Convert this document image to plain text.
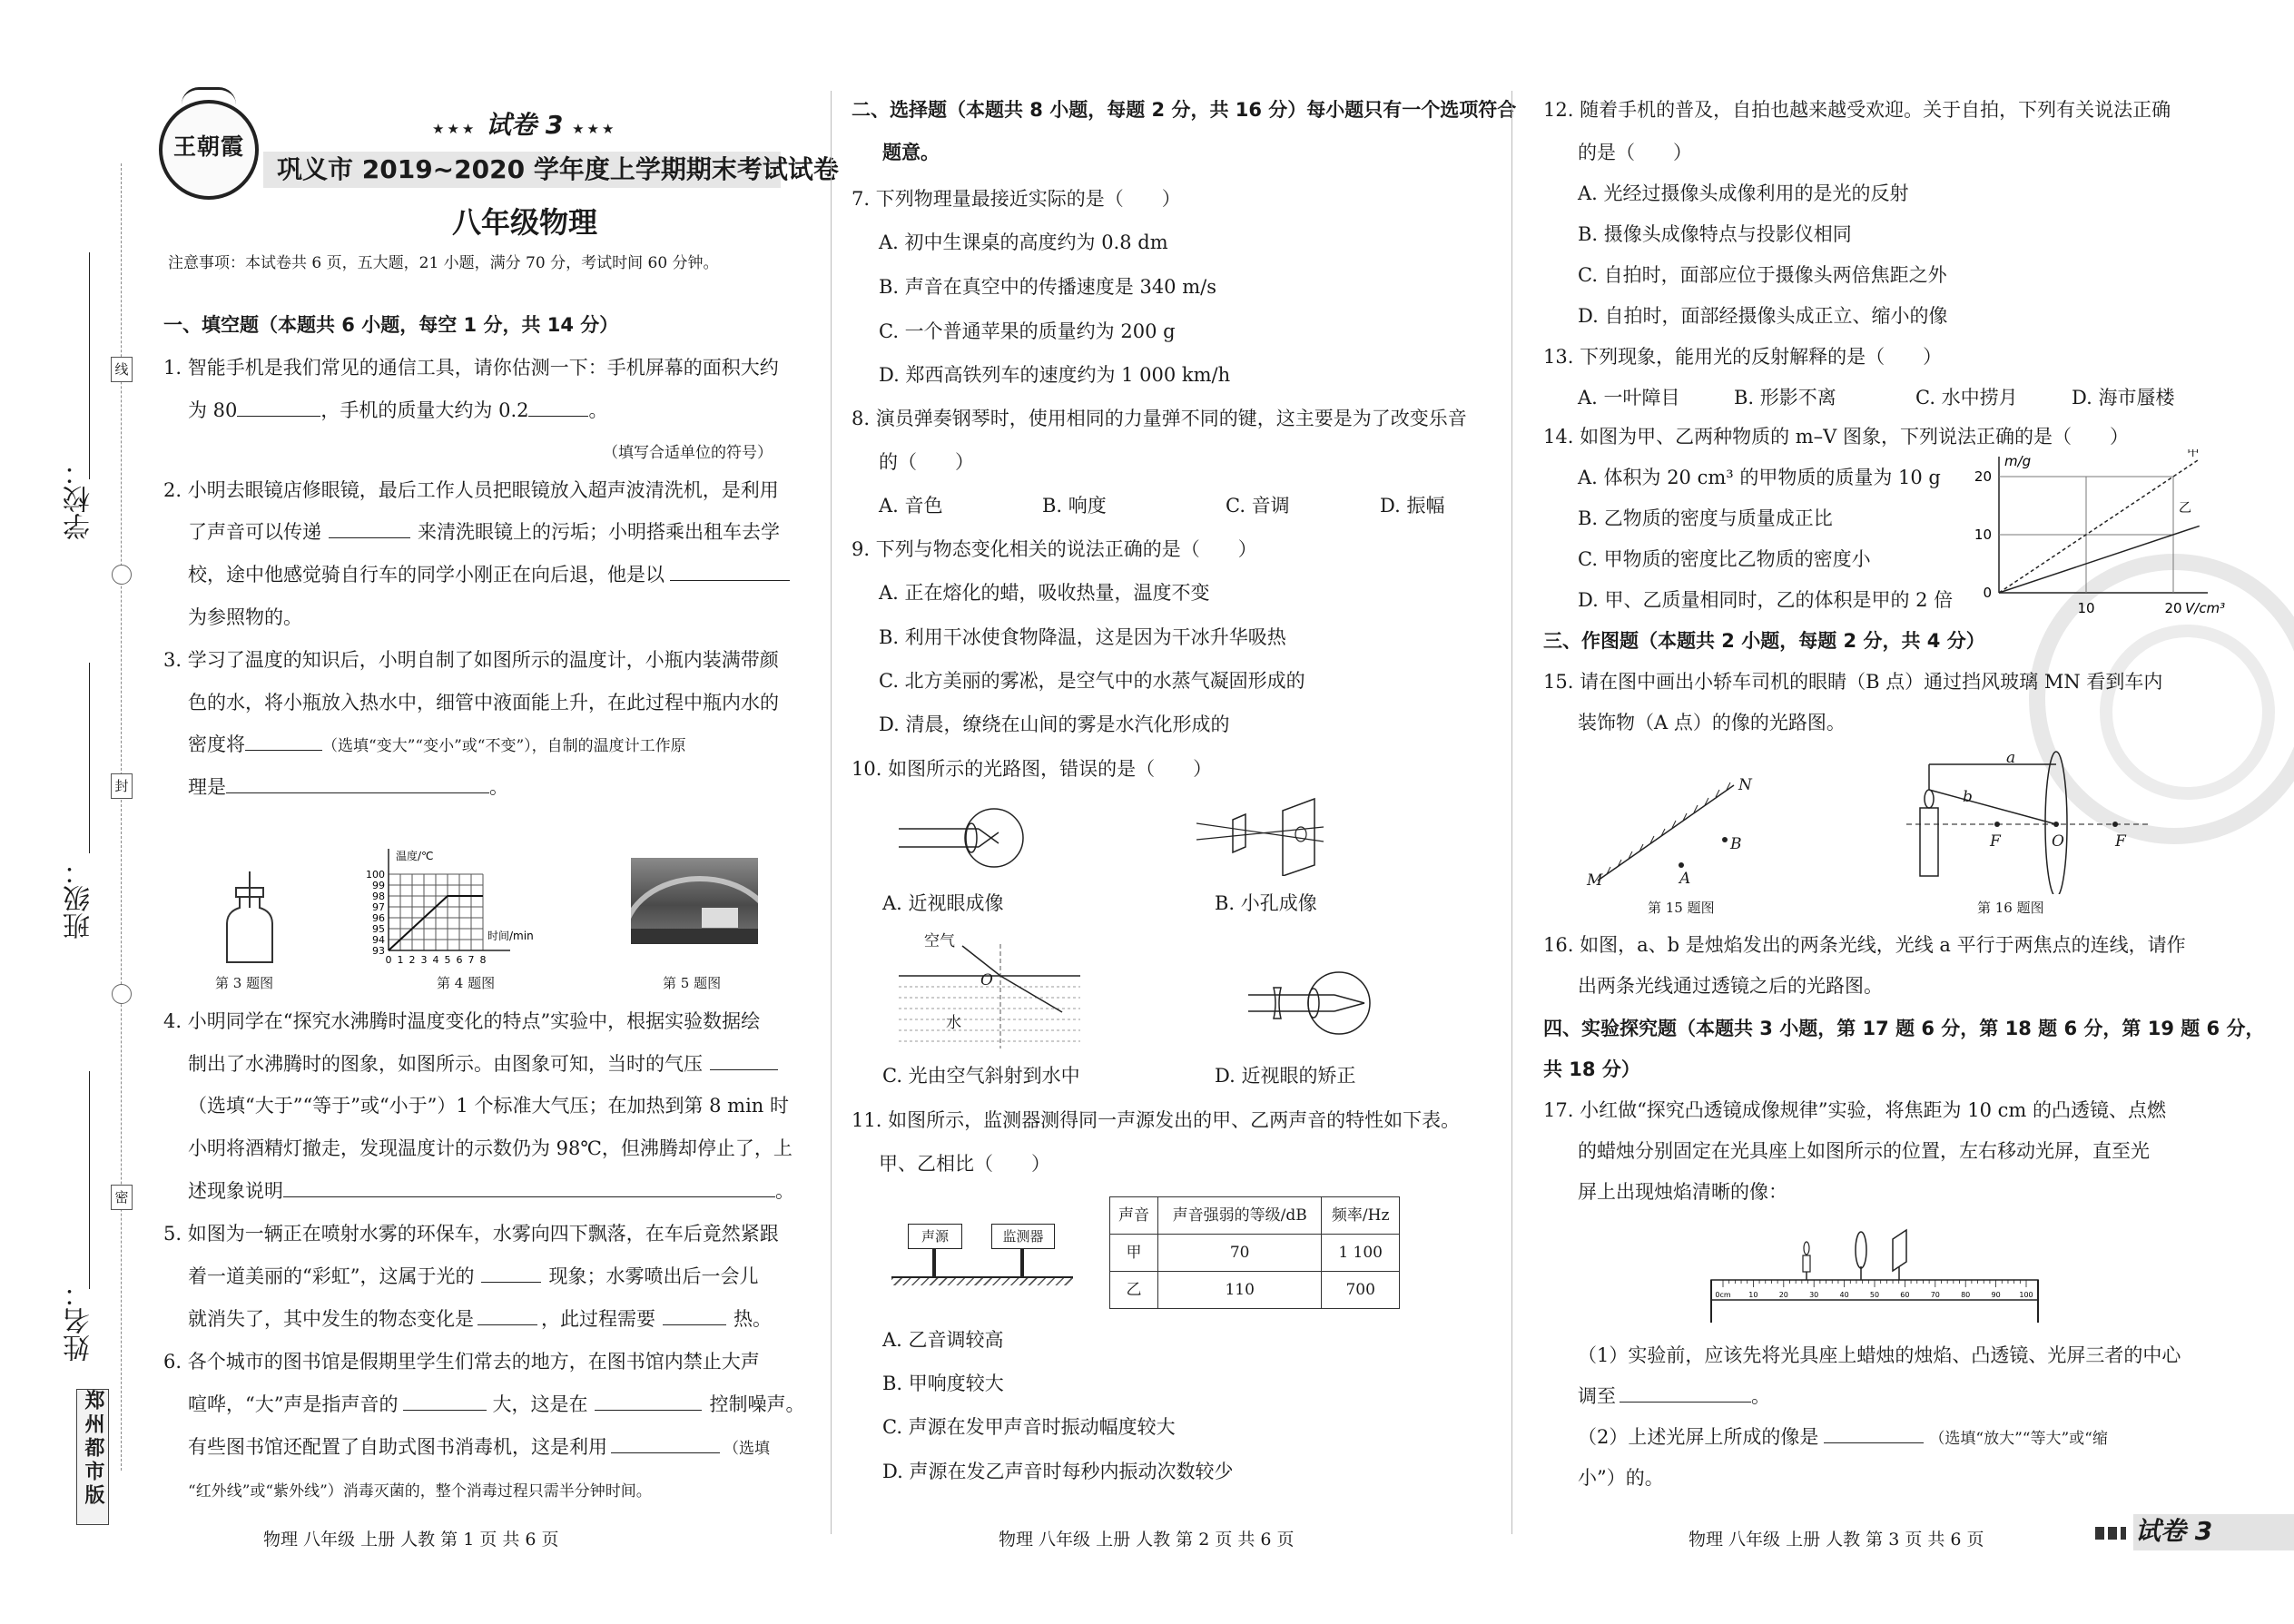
学校：
班级：
姓名：
线
封
密
郑州都市版
王朝霞
★★★ 试卷 3 ★★★
巩义市 2019~2020 学年度上学期期末考试试卷
八年级物理
注意事项：本试卷共 6 页，五大题，21 小题，满分 70 分，考试时间 60 分钟。
一、填空题（本题共 6 小题，每空 1 分，共 14 分）
1. 智能手机是我们常见的通信工具，请你估测一下：手机屏幕的面积大约
为 80	，手机的质量大约为 0.2	。
（填写合适单位的符号）
2. 小明去眼镜店修眼镜，最后工作人员把眼镜放入超声波清洗机，是利用
了声音可以传递	来清洗眼镜上的污垢；小明搭乘出租车去学
校，途中他感觉骑自行车的同学小刚正在向后退，他是以
为参照物的。
3. 学习了温度的知识后，小明自制了如图所示的温度计，小瓶内装满带颜
色的水，将小瓶放入热水中，细管中液面能上升，在此过程中瓶内水的
密度将	（选填“变大”“变小”或“不变”），自制的温度计工作原
理是	。
第 3 题图
100
99
98
97
96
95
94
93
0 1 2 3 4 5 6 7 8
温度/℃
时间/min
第 4 题图	第 5 题图
4. 小明同学在“探究水沸腾时温度变化的特点”实验中，根据实验数据绘
制出了水沸腾时的图象，如图所示。由图象可知，当时的气压
（选填“大于”“等于”或“小于”）1 个标准大气压；在加热到第 8 min 时
小明将酒精灯撤走，发现温度计的示数仍为 98℃，但沸腾却停止了，上
述现象说明	。
5. 如图为一辆正在喷射水雾的环保车，水雾向四下飘落，在车后竟然紧跟
着一道美丽的“彩虹”，这属于光的	现象；水雾喷出后一会儿
就消失了，其中发生的物态变化是	，此过程需要	热。
6. 各个城市的图书馆是假期里学生们常去的地方，在图书馆内禁止大声
喧哗，“大”声是指声音的	大，这是在	控制噪声。
有些图书馆还配置了自助式图书消毒机，这是利用	（选填
“红外线”或“紫外线”）消毒灭菌的，整个消毒过程只需半分钟时间。
物理 八年级 上册 人教 第 1 页 共 6 页
二、选择题（本题共 8 小题，每题 2 分，共 16 分）每小题只有一个选项符合
题意。
7. 下列物理量最接近实际的是（　　）
A. 初中生课桌的高度约为 0.8 dm
B. 声音在真空中的传播速度是 340 m/s
C. 一个普通苹果的质量约为 200 g
D. 郑西高铁列车的速度约为 1 000 km/h
8. 演员弹奏钢琴时，使用相同的力量弹不同的键，这主要是为了改变乐音
的（　　）
A. 音色	B. 响度	C. 音调	D. 振幅
9. 下列与物态变化相关的说法正确的是（　　）
A. 正在熔化的蜡，吸收热量，温度不变
B. 利用干冰使食物降温，这是因为干冰升华吸热
C. 北方美丽的雾凇，是空气中的水蒸气凝固形成的
D. 清晨，缭绕在山间的雾是水汽化形成的
10. 如图所示的光路图，错误的是（　　）
A. 近视眼成像	B. 小孔成像
空气
水
O
C. 光由空气斜射到水中	D. 近视眼的矫正
11. 如图所示，监测器测得同一声源发出的甲、乙两声音的特性如下表。
甲、乙相比（　　）
声源	监测器
声音	声音强弱的等级/dB	频率/Hz
甲	70	1 100
乙	110	700
A. 乙音调较高
B. 甲响度较大
C. 声源在发甲声音时振动幅度较大
D. 声源在发乙声音时每秒内振动次数较少
物理 八年级 上册 人教 第 2 页 共 6 页
12. 随着手机的普及，自拍也越来越受欢迎。关于自拍，下列有关说法正确
的是（　　）
A. 光经过摄像头成像利用的是光的反射
B. 摄像头成像特点与投影仪相同
C. 自拍时，面部应位于摄像头两倍焦距之外
D. 自拍时，面部经摄像头成正立、缩小的像
13. 下列现象，能用光的反射解释的是（　　）
A. 一叶障目	B. 形影不离	C. 水中捞月	D. 海市蜃楼
14. 如图为甲、乙两种物质的 m–V 图象，下列说法正确的是（　　）
A. 体积为 20 cm³ 的甲物质的质量为 10 g
B. 乙物质的密度与质量成正比
C. 甲物质的密度比乙物质的密度小
D. 甲、乙质量相同时，乙的体积是甲的 2 倍
20
10
0
10	20
m/g
V/cm³
甲
乙
三、作图题（本题共 2 小题，每题 2 分，共 4 分）
15. 请在图中画出小轿车司机的眼睛（B 点）通过挡风玻璃 MN 看到车内
装饰物（A 点）的像的光路图。
M
N
A
B
第 15 题图
a
b
F	O	F
第 16 题图
16. 如图，a、b 是烛焰发出的两条光线，光线 a 平行于两焦点的连线，请作
出两条光线通过透镜之后的光路图。
四、实验探究题（本题共 3 小题，第 17 题 6 分，第 18 题 6 分，第 19 题 6 分，
共 18 分）
17. 小红做“探究凸透镜成像规律”实验，将焦距为 10 cm 的凸透镜、点燃
的蜡烛分别固定在光具座上如图所示的位置，左右移动光屏，直至光
屏上出现烛焰清晰的像：
0cm 10	20	30	40	50	60	70	80	90	100
（1）实验前，应该先将光具座上蜡烛的烛焰、凸透镜、光屏三者的中心
调至	。
（2）上述光屏上所成的像是	（选填“放大”“等大”或“缩
小”）的。
物理 八年级 上册 人教 第 3 页 共 6 页	试卷 3
